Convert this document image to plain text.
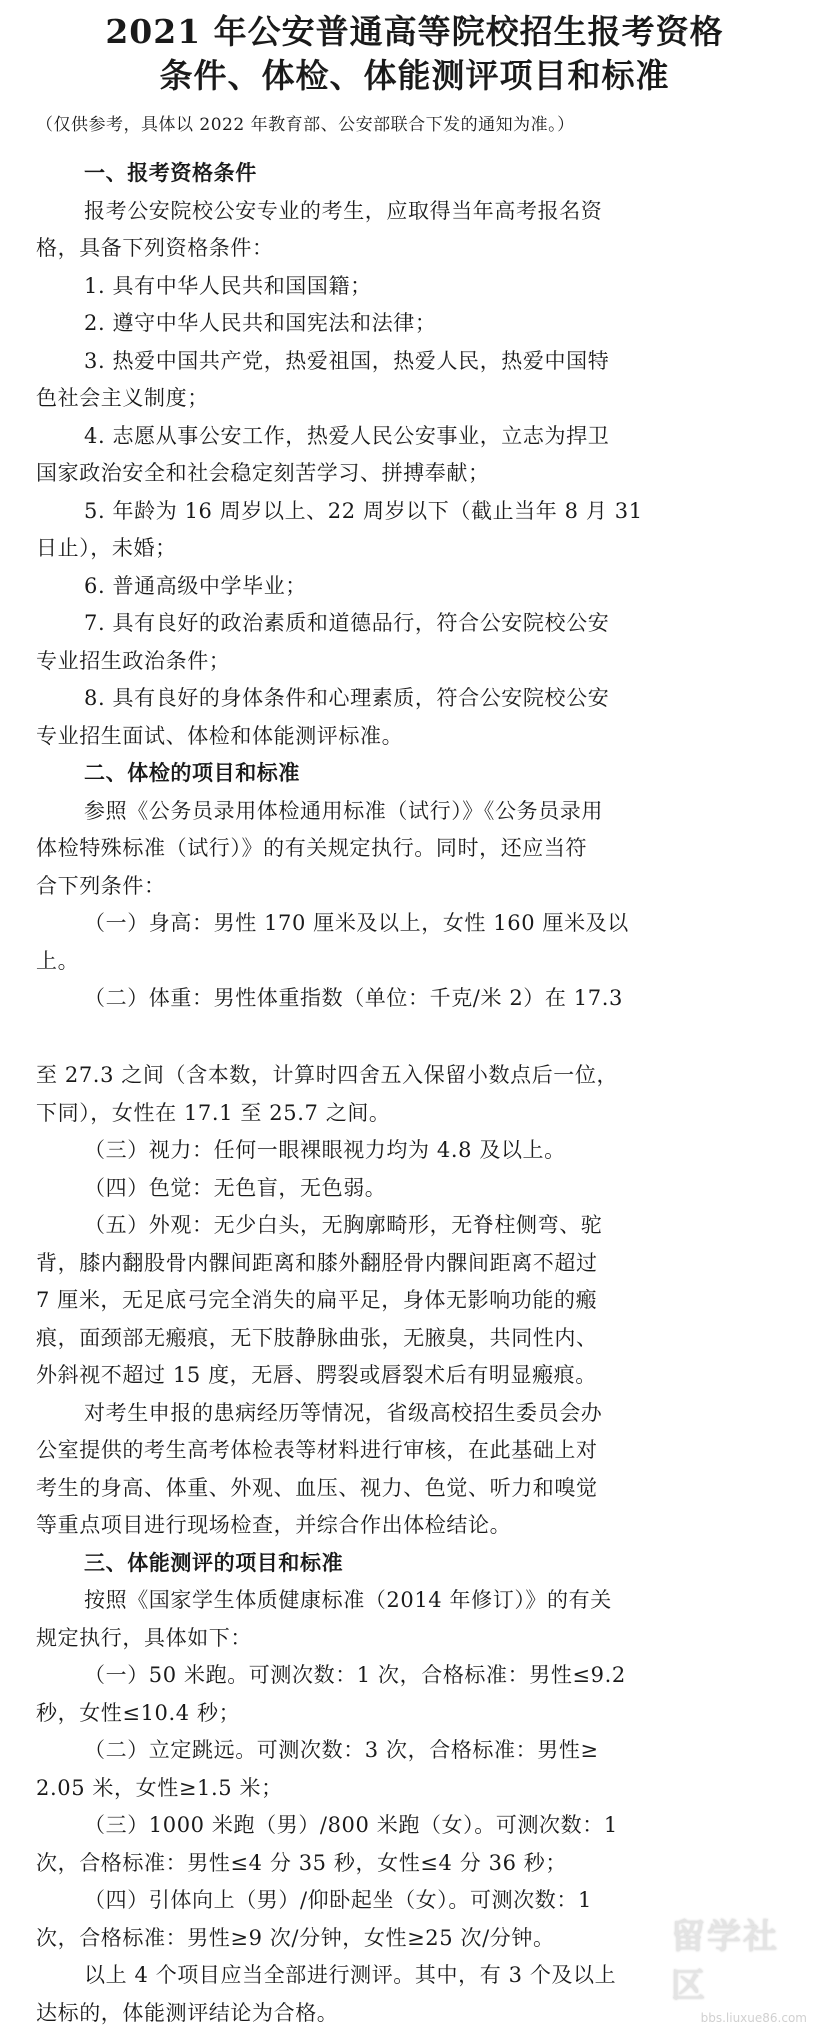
2021 年公安普通高等院校招生报考资格
条件、体检、体能测评项目和标准
（仅供参考，具体以 2022 年教育部、公安部联合下发的通知为准。）
一、报考资格条件
报考公安院校公安专业的考生，应取得当年高考报名资
格，具备下列资格条件：
1. 具有中华人民共和国国籍；
2. 遵守中华人民共和国宪法和法律；
3. 热爱中国共产党，热爱祖国，热爱人民，热爱中国特
色社会主义制度；
4. 志愿从事公安工作，热爱人民公安事业，立志为捍卫
国家政治安全和社会稳定刻苦学习、拼搏奉献；
5. 年龄为 16 周岁以上、22 周岁以下（截止当年 8 月 31
日止），未婚；
6. 普通高级中学毕业；
7. 具有良好的政治素质和道德品行，符合公安院校公安
专业招生政治条件；
8. 具有良好的身体条件和心理素质，符合公安院校公安
专业招生面试、体检和体能测评标准。
二、体检的项目和标准
参照《公务员录用体检通用标准（试行）》《公务员录用
体检特殊标准（试行）》的有关规定执行。同时，还应当符
合下列条件：
（一）身高：男性 170 厘米及以上，女性 160 厘米及以
上。
（二）体重：男性体重指数（单位：千克/米 2）在 17.3
至 27.3 之间（含本数，计算时四舍五入保留小数点后一位，
下同），女性在 17.1 至 25.7 之间。
（三）视力：任何一眼裸眼视力均为 4.8 及以上。
（四）色觉：无色盲，无色弱。
（五）外观：无少白头，无胸廓畸形，无脊柱侧弯、驼
背，膝内翻股骨内髁间距离和膝外翻胫骨内髁间距离不超过
7 厘米，无足底弓完全消失的扁平足，身体无影响功能的瘢
痕，面颈部无瘢痕，无下肢静脉曲张，无腋臭，共同性内、
外斜视不超过 15 度，无唇、腭裂或唇裂术后有明显瘢痕。
对考生申报的患病经历等情况，省级高校招生委员会办
公室提供的考生高考体检表等材料进行审核，在此基础上对
考生的身高、体重、外观、血压、视力、色觉、听力和嗅觉
等重点项目进行现场检查，并综合作出体检结论。
三、体能测评的项目和标准
按照《国家学生体质健康标准（2014 年修订）》的有关
规定执行，具体如下：
（一）50 米跑。可测次数：1 次，合格标准：男性≤9.2
秒，女性≤10.4 秒；
（二）立定跳远。可测次数：3 次，合格标准：男性≥
2.05 米，女性≥1.5 米；
（三）1000 米跑（男）/800 米跑（女）。可测次数：1
次，合格标准：男性≤4 分 35 秒，女性≤4 分 36 秒；
（四）引体向上（男）/仰卧起坐（女）。可测次数：1
次，合格标准：男性≥9 次/分钟，女性≥25 次/分钟。
以上 4 个项目应当全部进行测评。其中，有 3 个及以上
达标的，体能测评结论为合格。
留学社区
bbs.liuxue86.com
